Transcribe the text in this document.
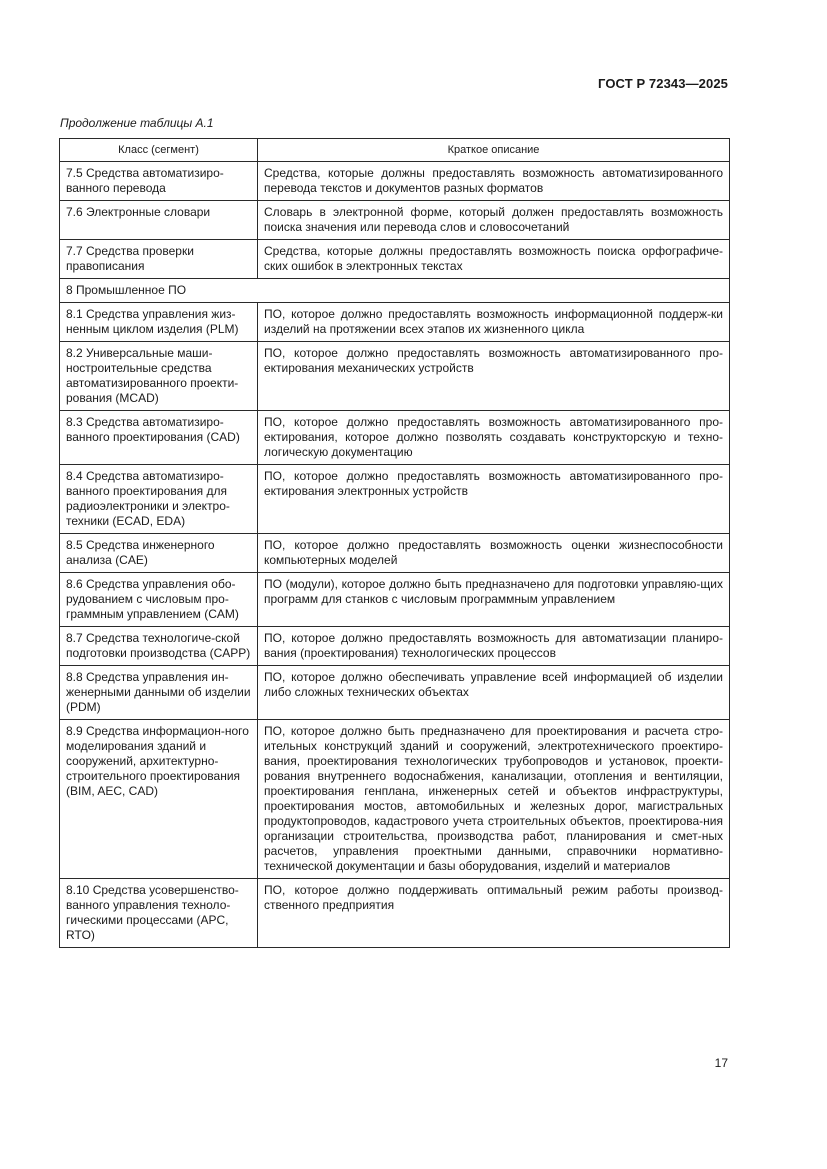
ГОСТ Р 72343—2025
Продолжение таблицы А.1
Класс (сегмент)	Краткое описание
7.5 Средства автоматизиро-ванного перевода	Средства, которые должны предоставлять возможность автоматизированного перевода текстов и документов разных форматов
7.6 Электронные словари	Словарь в электронной форме, который должен предоставлять возможность поиска значения или перевода слов и словосочетаний
7.7 Средства проверки правописания	Средства, которые должны предоставлять возможность поиска орфографиче-ских ошибок в электронных текстах
8 Промышленное ПО	
8.1 Средства управления жиз-ненным циклом изделия (PLM)	ПО, которое должно предоставлять возможность информационной поддерж-ки изделий на протяжении всех этапов их жизненного цикла
8.2 Универсальные маши-ностроительные средства автоматизированного проекти-рования (MCAD)	ПО, которое должно предоставлять возможность автоматизированного про-ектирования механических устройств
8.3 Средства автоматизиро-ванного проектирования (CAD)	ПО, которое должно предоставлять возможность автоматизированного про-ектирования, которое должно позволять создавать конструкторскую и техно-логическую документацию
8.4 Средства автоматизиро-ванного проектирования для радиоэлектроники и электро-техники (ECAD, EDA)	ПО, которое должно предоставлять возможность автоматизированного про-ектирования электронных устройств
8.5 Средства инженерного анализа (CAE)	ПО, которое должно предоставлять возможность оценки жизнеспособности компьютерных моделей
8.6 Средства управления обо-рудованием с числовым про-граммным управлением (CAM)	ПО (модули), которое должно быть предназначено для подготовки управляю-щих программ для станков с числовым программным управлением
8.7 Средства технологиче-ской подготовки производства (CAPP)	ПО, которое должно предоставлять возможность для автоматизации планиро-вания (проектирования) технологических процессов
8.8 Средства управления ин-женерными данными об изделии (PDM)	ПО, которое должно обеспечивать управление всей информацией об изделии либо сложных технических объектах
8.9 Средства информацион-ного моделирования зданий и сооружений, архитектурно-строительного проектирования (BIM, AEC, CAD)	ПО, которое должно быть предназначено для проектирования и расчета стро-ительных конструкций зданий и сооружений, электротехнического проектиро-вания, проектирования технологических трубопроводов и установок, проекти-рования внутреннего водоснабжения, канализации, отопления и вентиляции, проектирования генплана, инженерных сетей и объектов инфраструктуры, проектирования мостов, автомобильных и железных дорог, магистральных продуктопроводов, кадастрового учета строительных объектов, проектирова-ния организации строительства, производства работ, планирования и смет-ных расчетов, управления проектными данными, справочники нормативно-технической документации и базы оборудования, изделий и материалов
8.10 Средства усовершенство-ванного управления техноло-гическими процессами (APC, RTO)	ПО, которое должно поддерживать оптимальный режим работы производ-ственного предприятия
17
